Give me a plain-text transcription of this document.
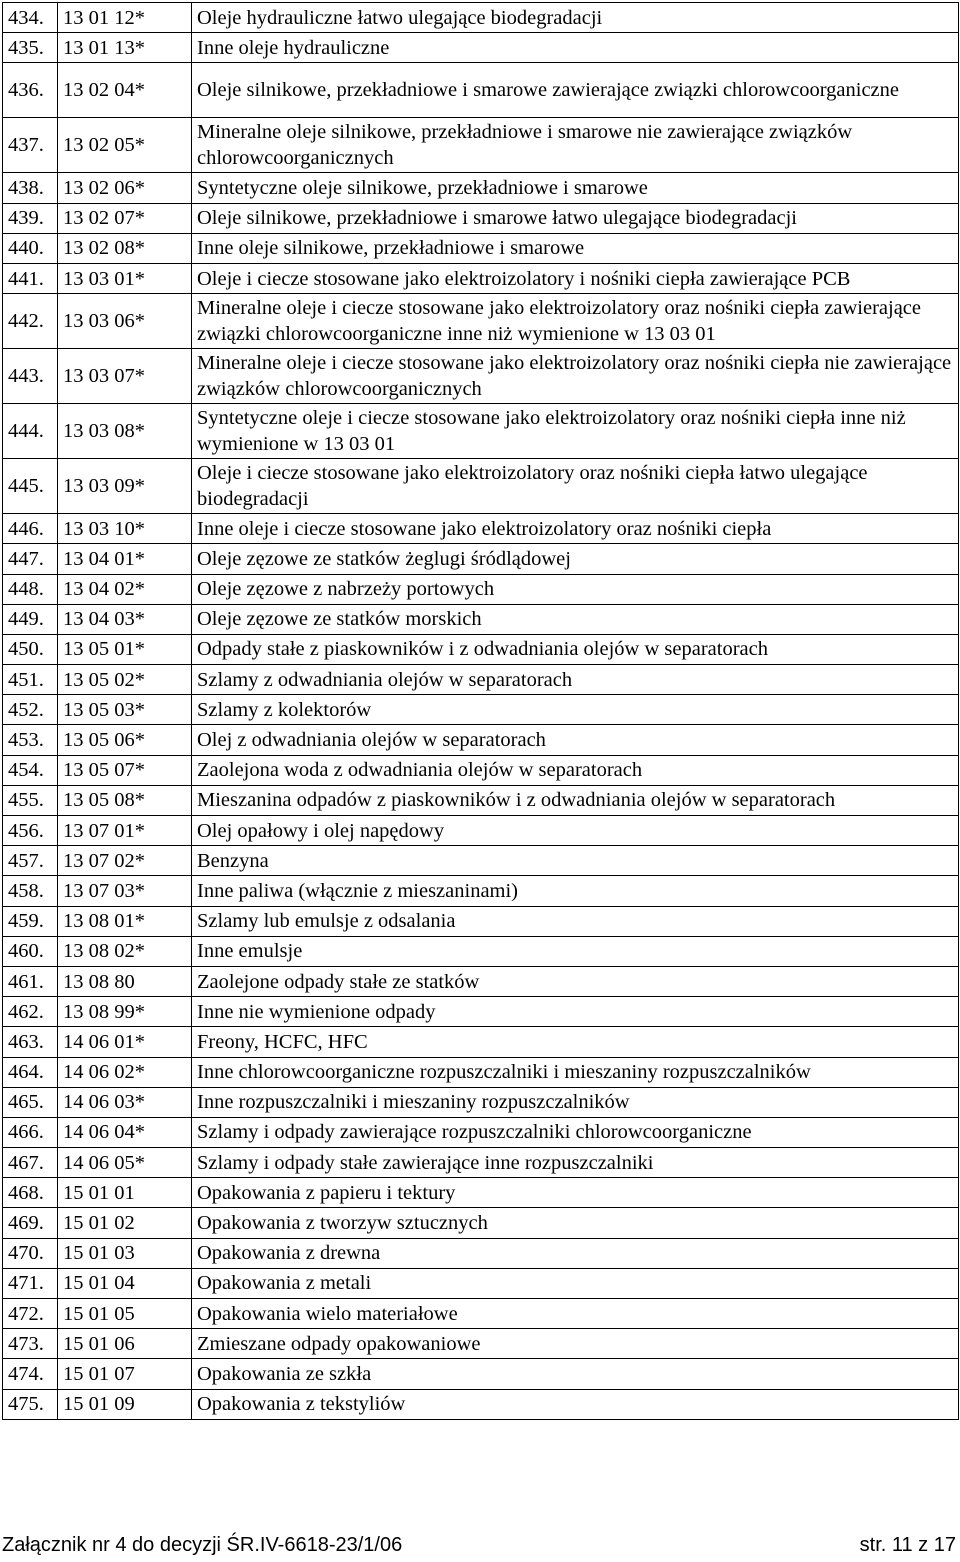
434.	13 01 12*	Oleje hydrauliczne łatwo ulegające biodegradacji
435.	13 01 13*	Inne oleje hydrauliczne
436.	13 02 04*	Oleje silnikowe, przekładniowe i smarowe zawierające związki chlorowcoorganiczne
437.	13 02 05*	Mineralne oleje silnikowe, przekładniowe i smarowe nie zawierające związków chlorowcoorganicznych
438.	13 02 06*	Syntetyczne oleje silnikowe, przekładniowe i smarowe
439.	13 02 07*	Oleje silnikowe, przekładniowe i smarowe łatwo ulegające biodegradacji
440.	13 02 08*	Inne oleje silnikowe, przekładniowe i smarowe
441.	13 03 01*	Oleje i ciecze stosowane jako elektroizolatory i nośniki ciepła zawierające PCB
442.	13 03 06*	Mineralne oleje i ciecze stosowane jako elektroizolatory oraz nośniki ciepła zawierające związki chlorowcoorganiczne inne niż wymienione w 13 03 01
443.	13 03 07*	Mineralne oleje i ciecze stosowane jako elektroizolatory oraz nośniki ciepła nie zawierające związków chlorowcoorganicznych
444.	13 03 08*	Syntetyczne oleje i ciecze stosowane jako elektroizolatory oraz nośniki ciepła inne niż wymienione w 13 03 01
445.	13 03 09*	Oleje i ciecze stosowane jako elektroizolatory oraz nośniki ciepła łatwo ulegające biodegradacji
446.	13 03 10*	Inne oleje i ciecze stosowane jako elektroizolatory oraz nośniki ciepła
447.	13 04 01*	Oleje zęzowe ze statków żeglugi śródlądowej
448.	13 04 02*	Oleje zęzowe z nabrzeży portowych
449.	13 04 03*	Oleje zęzowe ze statków morskich
450.	13 05 01*	Odpady stałe z piaskowników i z odwadniania olejów w separatorach
451.	13 05 02*	Szlamy z odwadniania olejów w separatorach
452.	13 05 03*	Szlamy z kolektorów
453.	13 05 06*	Olej z odwadniania olejów w separatorach
454.	13 05 07*	Zaolejona woda z odwadniania olejów w separatorach
455.	13 05 08*	Mieszanina odpadów z piaskowników i z odwadniania olejów w separatorach
456.	13 07 01*	Olej opałowy i olej napędowy
457.	13 07 02*	Benzyna
458.	13 07 03*	Inne paliwa (włącznie z mieszaninami)
459.	13 08 01*	Szlamy lub emulsje z odsalania
460.	13 08 02*	Inne emulsje
461.	13 08 80	Zaolejone odpady stałe ze statków
462.	13 08 99*	Inne nie wymienione odpady
463.	14 06 01*	Freony, HCFC, HFC
464.	14 06 02*	Inne chlorowcoorganiczne rozpuszczalniki i mieszaniny rozpuszczalników
465.	14 06 03*	Inne rozpuszczalniki i mieszaniny rozpuszczalników
466.	14 06 04*	Szlamy i odpady zawierające rozpuszczalniki chlorowcoorganiczne
467.	14 06 05*	Szlamy i odpady stałe zawierające inne rozpuszczalniki
468.	15 01 01	Opakowania z papieru i tektury
469.	15 01 02	Opakowania z tworzyw sztucznych
470.	15 01 03	Opakowania z drewna
471.	15 01 04	Opakowania z metali
472.	15 01 05	Opakowania wielo materiałowe
473.	15 01 06	Zmieszane odpady opakowaniowe
474.	15 01 07	Opakowania ze szkła
475.	15 01 09	Opakowania z tekstyliów
Załącznik nr 4 do decyzji ŚR.IV-6618-23/1/06	str. 11 z 17
